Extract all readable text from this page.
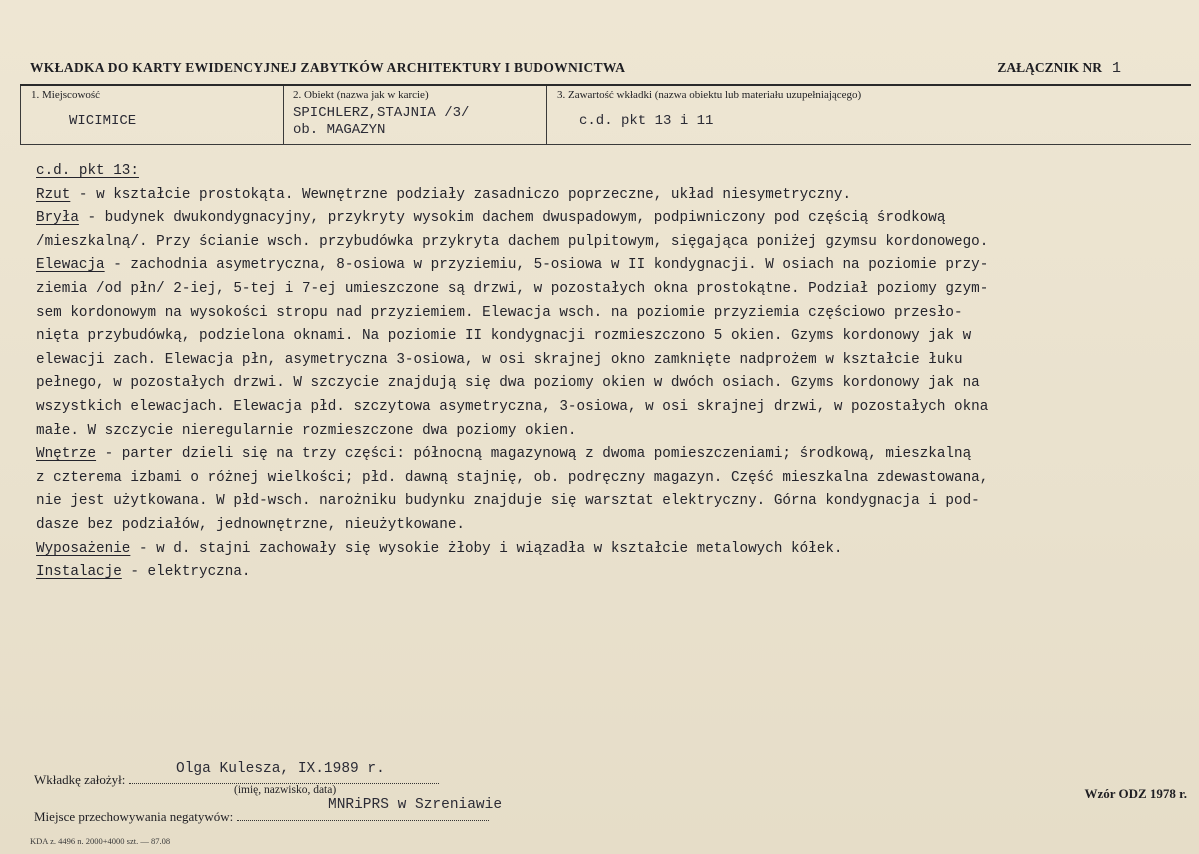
WKŁADKA DO KARTY EWIDENCYJNEJ ZABYTKÓW ARCHITEKTURY I BUDOWNICTWA	ZAŁĄCZNIK NR 1
1. Miejscowość
WICIMICE
2. Obiekt (nazwa jak w karcie)
SPICHLERZ,STAJNIA /3/
ob. MAGAZYN
3. Zawartość wkładki (nazwa obiektu lub materiału uzupełniającego)
c.d. pkt 13 i 11
c.d. pkt 13:
Rzut - w kształcie prostokąta. Wewnętrzne podziały zasadniczo poprzeczne, układ niesymetryczny.
Bryła - budynek dwukondygnacyjny, przykryty wysokim dachem dwuspadowym, podpiwniczony pod częścią środkową
/mieszkalną/. Przy ścianie wsch. przybudówka przykryta dachem pulpitowym, sięgająca poniżej gzymsu kordonowego.
Elewacja - zachodnia asymetryczna, 8-osiowa w przyziemiu, 5-osiowa w II kondygnacji. W osiach na poziomie przy-
ziemia /od płn/ 2-iej, 5-tej i 7-ej umieszczone są drzwi, w pozostałych okna prostokątne. Podział poziomy gzym-
sem kordonowym na wysokości stropu nad przyziemiem. Elewacja wsch. na poziomie przyziemia częściowo przesło-
nięta przybudówką, podzielona oknami. Na poziomie II kondygnacji rozmieszczono 5 okien. Gzyms kordonowy jak w
elewacji zach. Elewacja płn, asymetryczna 3-osiowa, w osi skrajnej okno zamknięte nadprożem w kształcie łuku
pełnego, w pozostałych drzwi. W szczycie znajdują się dwa poziomy okien w dwóch osiach. Gzyms kordonowy jak na
wszystkich elewacjach. Elewacja płd. szczytowa asymetryczna, 3-osiowa, w osi skrajnej drzwi, w pozostałych okna
małe. W szczycie nieregularnie rozmieszczone dwa poziomy okien.
Wnętrze - parter dzieli się na trzy części: północną magazynową z dwoma pomieszczeniami; środkową, mieszkalną
z czterema izbami o różnej wielkości; płd. dawną stajnię, ob. podręczny magazyn. Część mieszkalna zdewastowana,
nie jest użytkowana. W płd-wsch. narożniku budynku znajduje się warsztat elektryczny. Górna kondygnacja i pod-
dasze bez podziałów, jednownętrzne, nieużytkowane.
Wyposażenie - w d. stajni zachowały się wysokie żłoby i wiązadła w kształcie metalowych kółek.
Instalacje - elektryczna.
Wkładkę założył:
Olga Kulesza, IX.1989 r.
(imię, nazwisko, data)
Miejsce przechowywania negatywów:
MNRiPRS w Szreniawie
Wzór ODZ 1978 r.
KDA z. 4496 n. 2000+4000 szt. — 87.08
